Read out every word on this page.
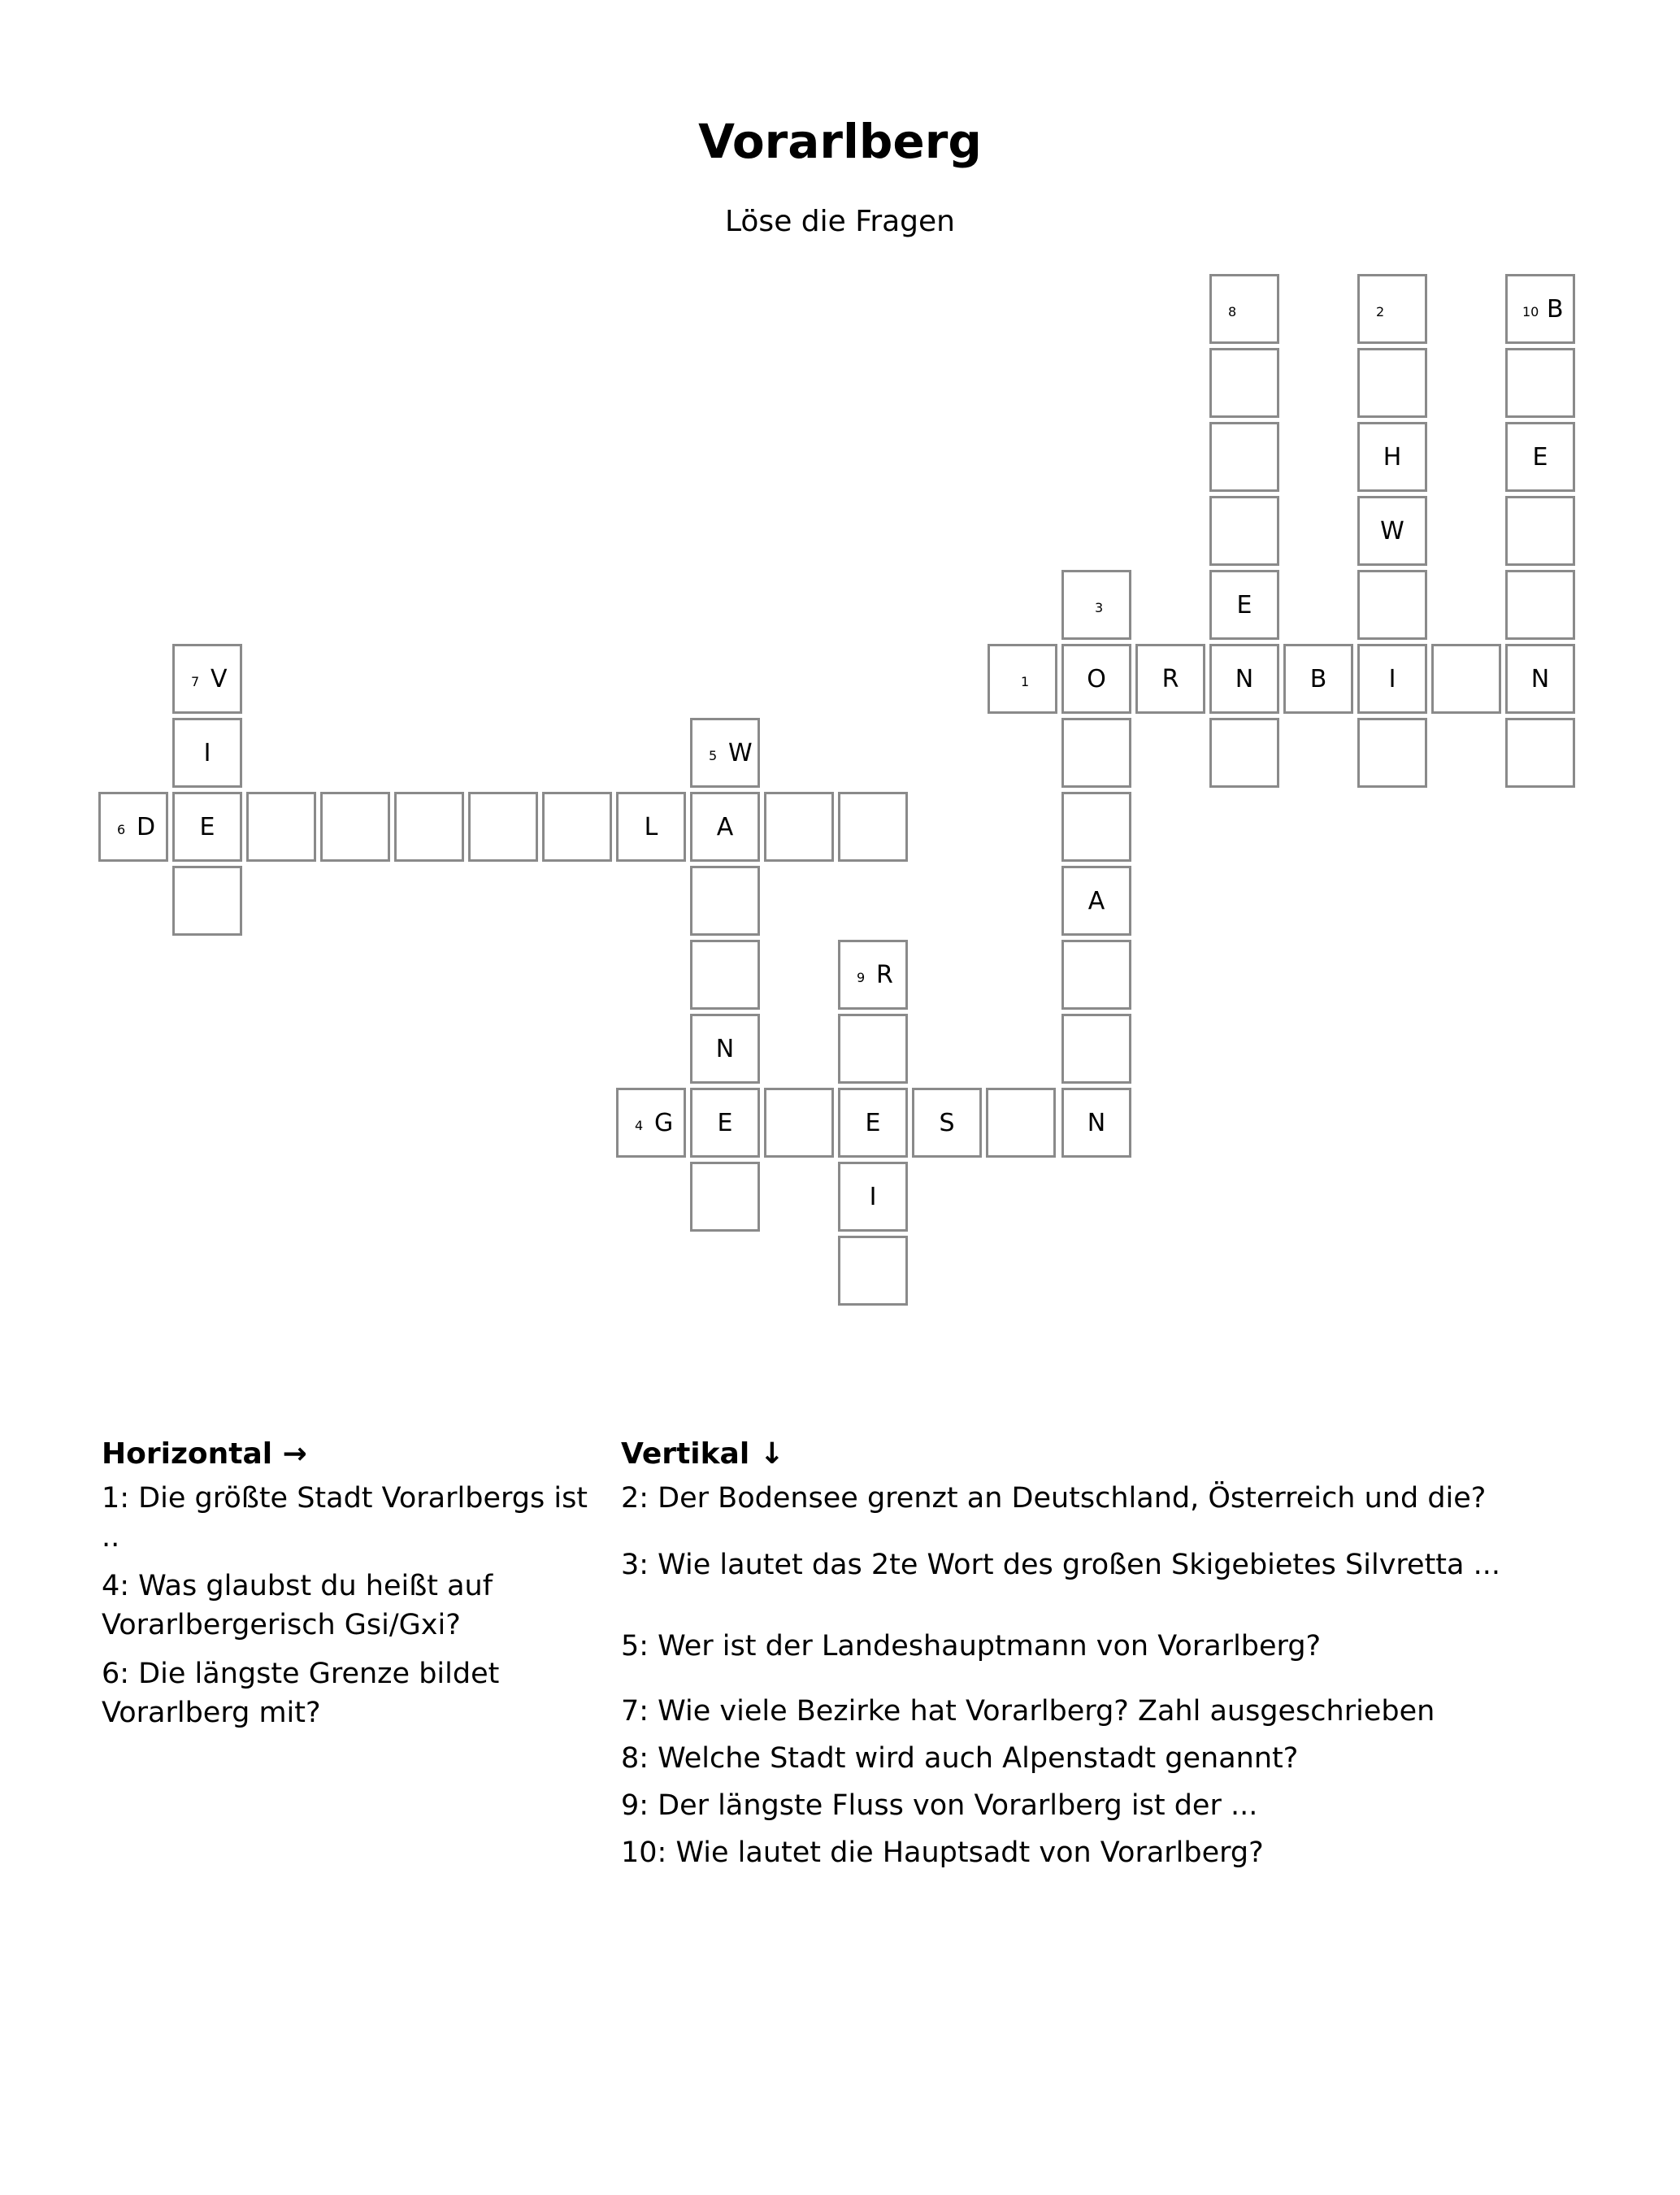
Vorarlberg
Löse die Fragen
8
E
N
2
H
W
I
10 B
E
N
1	O	R	B
3
A
N
7 V
I
E
6 D	L
5 W
A
N
E
4 G	E	S
9 R
I
Horizontal →
1: Die größte Stadt Vorarlbergs ist ..
4: Was glaubst du heißt auf Vorarlbergerisch Gsi/Gxi?
6: Die längste Grenze bildet Vorarlberg mit?
Vertikal ↓
2: Der Bodensee grenzt an Deutschland, Österreich und die?
3: Wie lautet das 2te Wort des großen Skigebietes Silvretta ...
5: Wer ist der Landeshauptmann von Vorarlberg?
7: Wie viele Bezirke hat Vorarlberg? Zahl ausgeschrieben
8: Welche Stadt wird auch Alpenstadt genannt?
9: Der längste Fluss von Vorarlberg ist der ...
10: Wie lautet die Hauptsadt von Vorarlberg?
